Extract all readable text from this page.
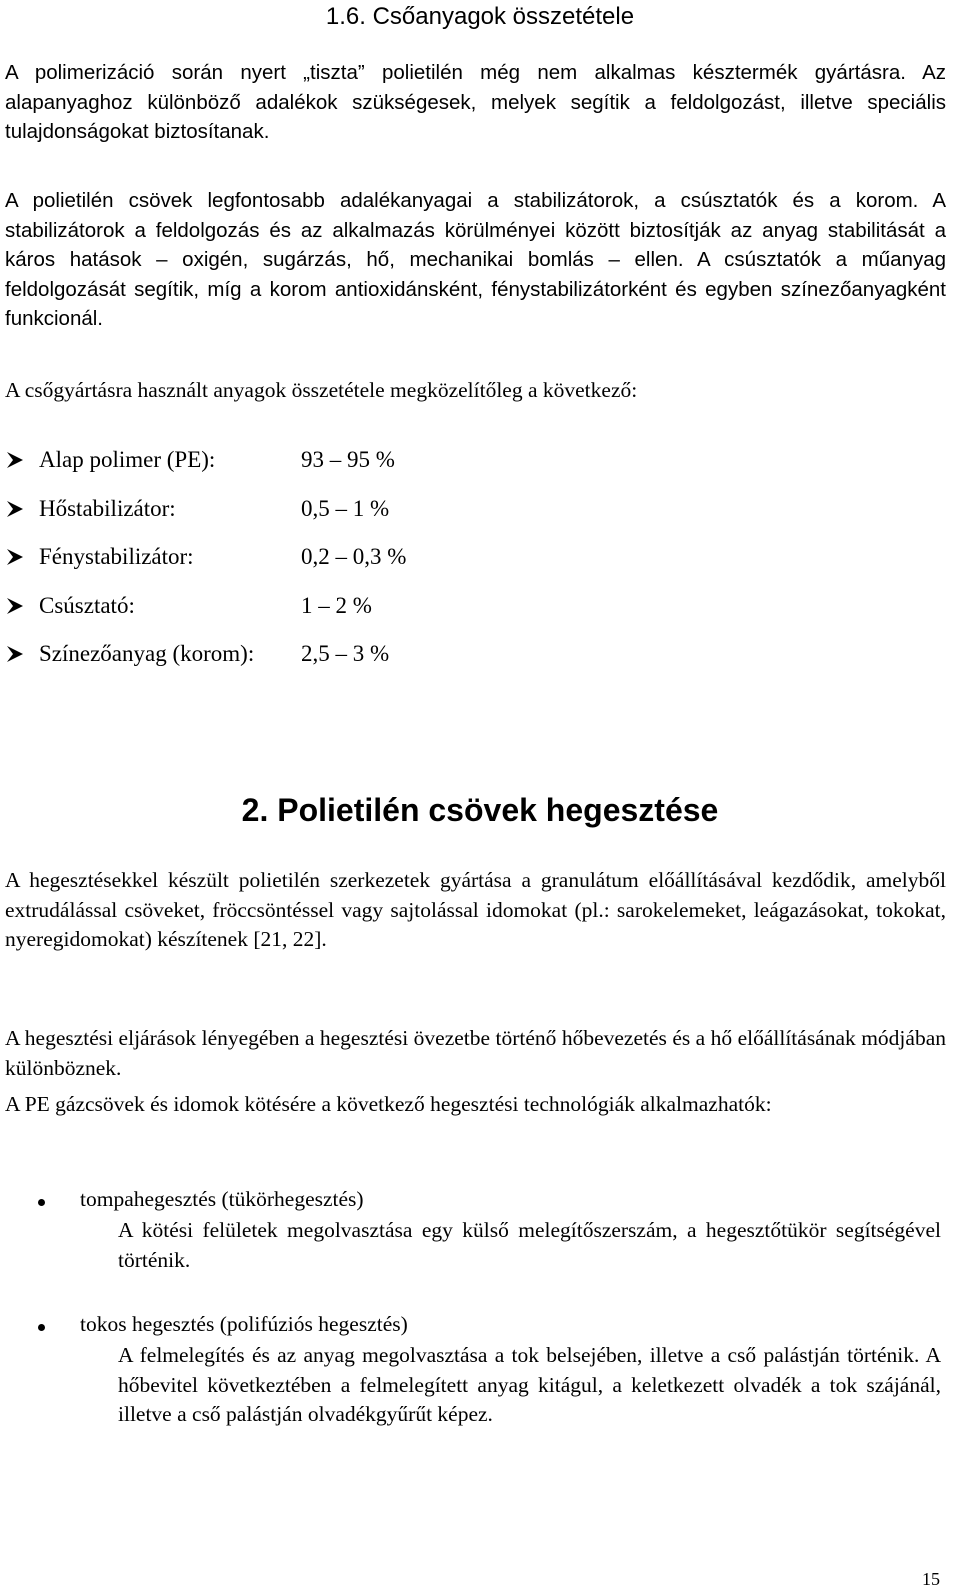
1.6. Csőanyagok összetétele

A polimerizáció során nyert „tiszta” polietilén még nem alkalmas késztermék gyártásra. Az alapanyaghoz különböző adalékok szükségesek, melyek segítik a feldolgozást, illetve speciális tulajdonságokat biztosítanak.

A polietilén csövek legfontosabb adalékanyagai a stabilizátorok, a csúsztatók és a korom. A stabilizátorok a feldolgozás és az alkalmazás körülményei között biztosítják az anyag stabilitását a káros hatások – oxigén, sugárzás, hő, mechanikai bomlás – ellen. A csúsztatók a műanyag feldolgozását segítik, míg a korom antioxidánsként, fénystabilizátorként és egyben színezőanyagként funkcionál.

A csőgyártásra használt anyagok összetétele megközelítőleg a következő:

Alap polimer (PE):	93 – 95 %
Hőstabilizátor:	0,5 – 1 %
Fénystabilizátor:	0,2 – 0,3 %
Csúsztató:	1 – 2 %
Színezőanyag (korom):	2,5 – 3 %
2. Polietilén csövek hegesztése

A hegesztésekkel készült polietilén szerkezetek gyártása a granulátum előállításával kezdődik, amelyből extrudálással csöveket, fröccsöntéssel vagy sajtolással idomokat (pl.: sarokelemeket, leágazásokat, tokokat, nyeregidomokat) készítenek [21, 22].

A hegesztési eljárások lényegében a hegesztési övezetbe történő hőbevezetés és a hő előállításának módjában különböznek.

A PE gázcsövek és idomok kötésére a következő hegesztési technológiák alkalmazhatók:

tompahegesztés (tükörhegesztés)

A kötési felületek megolvasztása egy külső melegítőszerszám, a hegesztőtükör segítségével történik.

tokos hegesztés (polifúziós hegesztés)

A felmelegítés és az anyag megolvasztása a tok belsejében, illetve a cső palástján történik. A hőbevitel következtében a felmelegített anyag kitágul, a keletkezett olvadék a tok szájánál, illetve a cső palástján olvadékgyűrűt képez.

15
